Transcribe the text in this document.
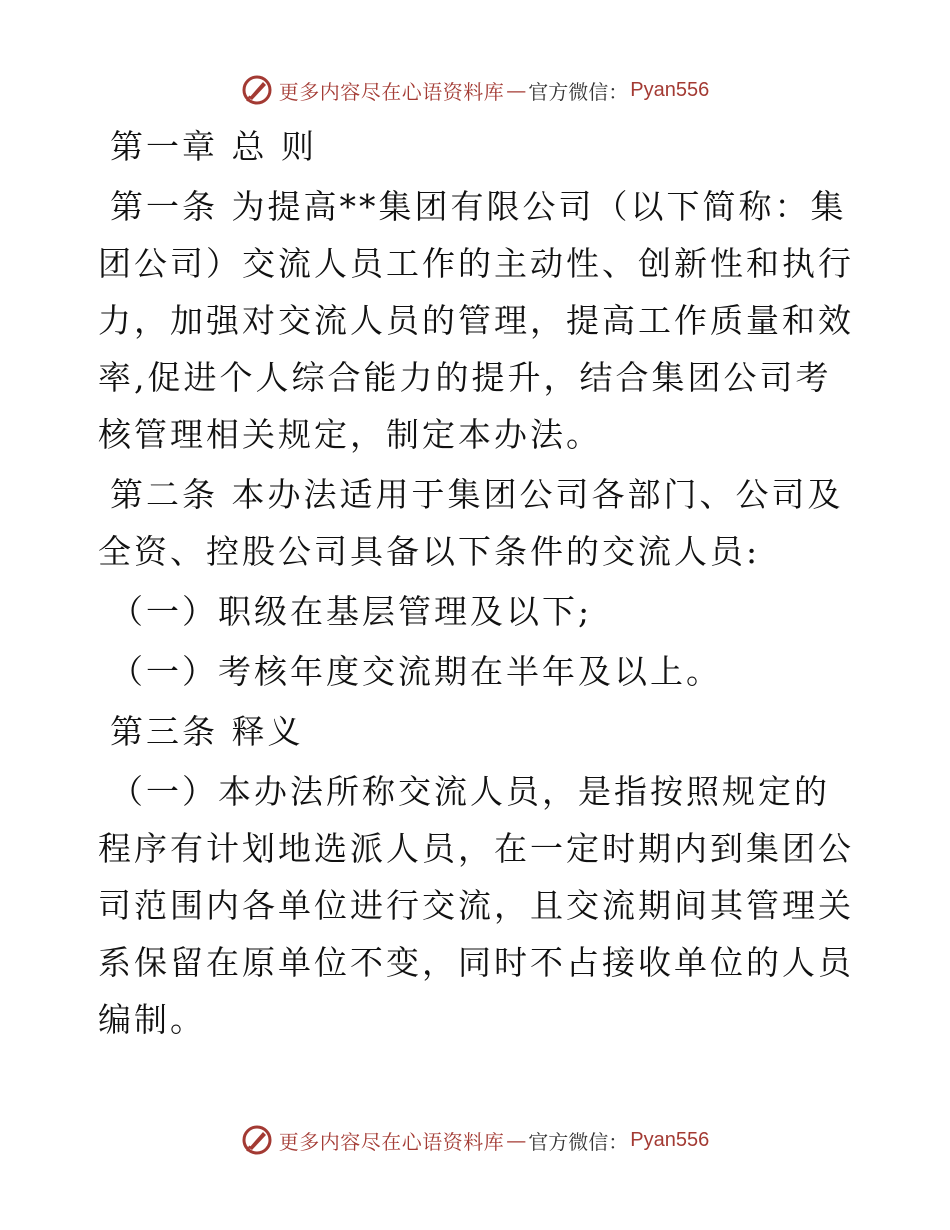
更多内容尽在心语资料库 — 官方微信： Pyan556

第一章 总 则

第一条 为提高**集团有限公司（以下简称：集团公司）交流人员工作的主动性、创新性和执行力，加强对交流人员的管理，提高工作质量和效率,促进个人综合能力的提升，结合集团公司考核管理相关规定，制定本办法。

第二条 本办法适用于集团公司各部门、公司及全资、控股公司具备以下条件的交流人员:

（一）职级在基层管理及以下;

（一）考核年度交流期在半年及以上。

第三条 释义

（一）本办法所称交流人员，是指按照规定的程序有计划地选派人员，在一定时期内到集团公司范围内各单位进行交流，且交流期间其管理关系保留在原单位不变，同时不占接收单位的人员编制。

更多内容尽在心语资料库 — 官方微信： Pyan556
